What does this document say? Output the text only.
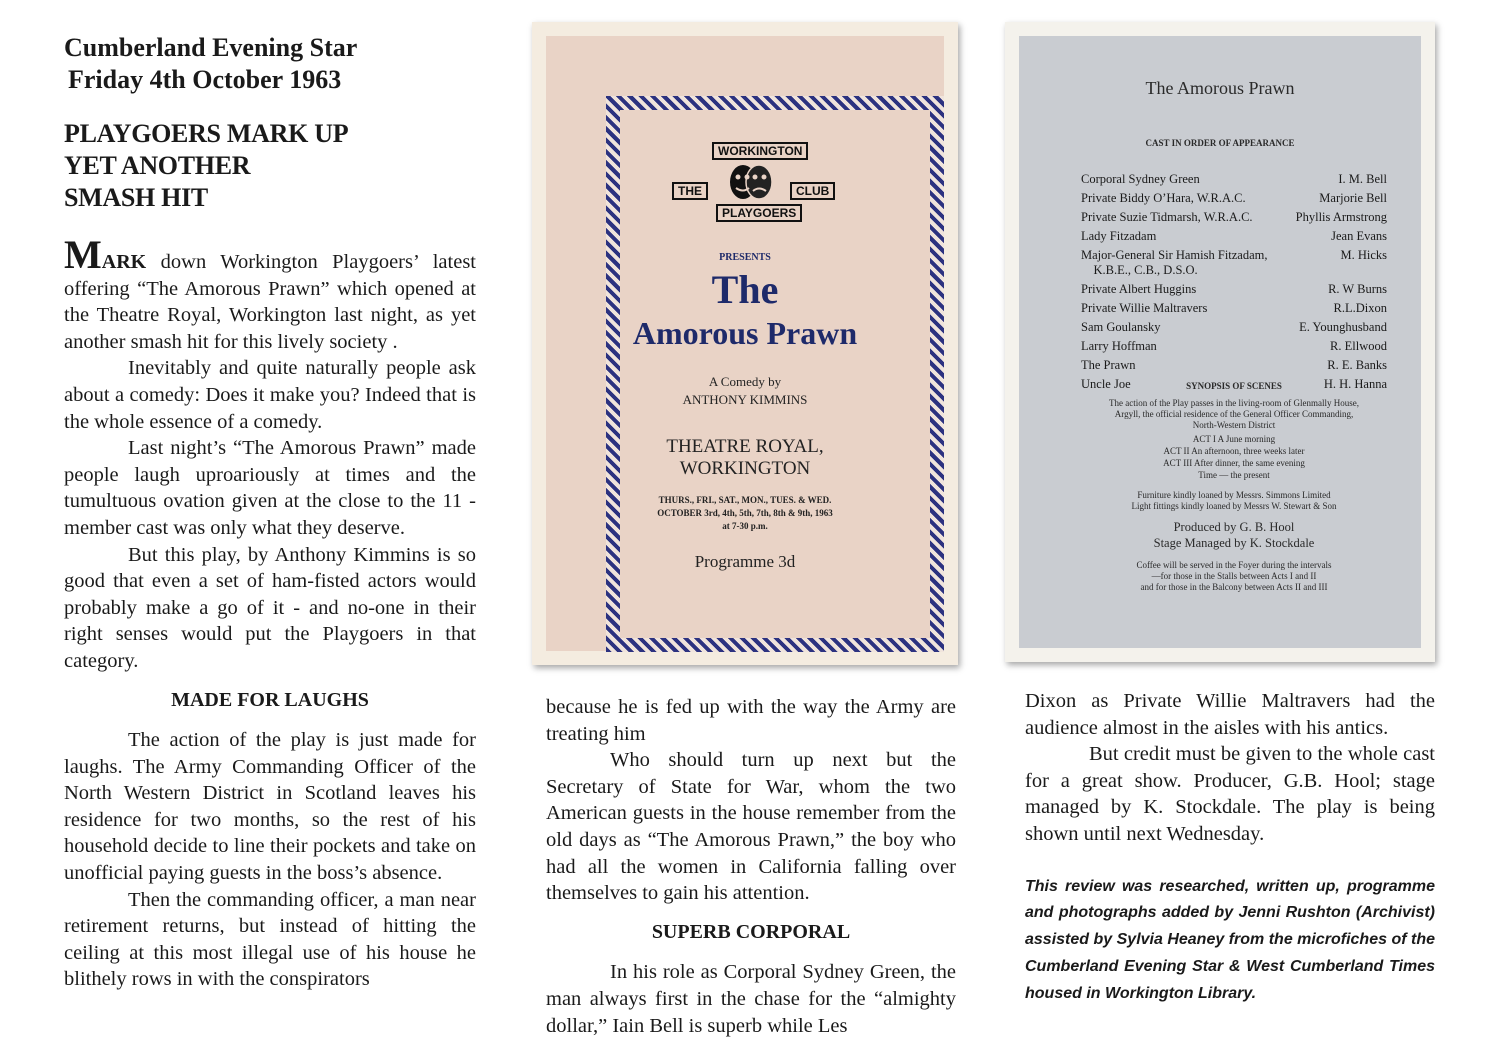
Cumberland Evening Star
Friday 4th October 1963
PLAYGOERS MARK UP
YET ANOTHER
SMASH HIT

MARK down Workington Playgoers’ latest offering “The Amorous Prawn” which opened at the Theatre Royal, Workington last night, as yet another smash hit for this lively society .

Inevitably and quite naturally people ask about a comedy: Does it make you? Indeed that is the whole essence of a comedy.

Last night’s “The Amorous Prawn” made people laugh uproariously at times and the tumultuous ovation given at the close to the 11 -member cast was only what they deserve.

But this play, by Anthony Kimmins is so good that even a set of ham-fisted actors would probably make a go of it - and no-one in their right senses would put the Playgoers in that category.

MADE FOR LAUGHS

The action of the play is just made for laughs. The Army Commanding Officer of the North Western District in Scotland leaves his residence for two months, so the rest of his household decide to line their pockets and take on unofficial paying guests in the boss’s absence.

Then the commanding officer, a man near retirement returns, but instead of hitting the ceiling at this most illegal use of his house he blithely rows in with the conspirators

because he is fed up with the way the Army are treating him

Who should turn up next but the Secretary of State for War, whom the two American guests in the house remember from the old days as “The Amorous Prawn,” the boy who had all the women in California falling over themselves to gain his attention.

SUPERB CORPORAL

In his role as Corporal Sydney Green, the man always first in the chase for the “almighty dollar,” Iain Bell is superb while Les

Dixon as Private Willie Maltravers had the audience almost in the aisles with his antics.

But credit must be given to the whole cast for a great show. Producer, G.B. Hool; stage managed by K. Stockdale. The play is being shown until next Wednesday.

This review was researched, written up, programme and photographs added by Jenni Rushton (Archivist) assisted by Sylvia Heaney from the microfiches of the Cumberland Evening Star & West Cumberland Times housed in Workington Library.

WORKINGTON
THE	CLUB
PLAYGOERS
PRESENTS
The
Amorous Prawn
A Comedy by
ANTHONY KIMMINS
THEATRE ROYAL,
WORKINGTON
THURS., FRI., SAT., MON., TUES. & WED.
OCTOBER 3rd, 4th, 5th, 7th, 8th & 9th, 1963
at 7-30 p.m.
Programme 3d
The Amorous Prawn
CAST IN ORDER OF APPEARANCE
Corporal Sydney Green	I. M. Bell
Private Biddy O’Hara, W.R.A.C.	Marjorie Bell
Private Suzie Tidmarsh, W.R.A.C.	Phyllis Armstrong
Lady Fitzadam	Jean Evans
Major-General Sir Hamish Fitzadam,	M. Hicks
K.B.E., C.B., D.S.O.
Private Albert Huggins	R. W Burns
Private Willie Maltravers	R.L.Dixon
Sam Goulansky	E. Younghusband
Larry Hoffman	R. Ellwood
The Prawn	R. E. Banks
Uncle Joe	H. H. Hanna
SYNOPSIS OF SCENES
The action of the Play passes in the living-room of Glenmally House,
Argyll, the official residence of the General Officer Commanding,
North-Western District
ACT I A June morning
ACT II An afternoon, three weeks later
ACT III After dinner, the same evening
Time — the present
Furniture kindly loaned by Messrs. Simmons Limited
Light fittings kindly loaned by Messrs W. Stewart & Son
Produced by G. B. Hool
Stage Managed by K. Stockdale
Coffee will be served in the Foyer during the intervals
—for those in the Stalls between Acts I and II
and for those in the Balcony between Acts II and III
